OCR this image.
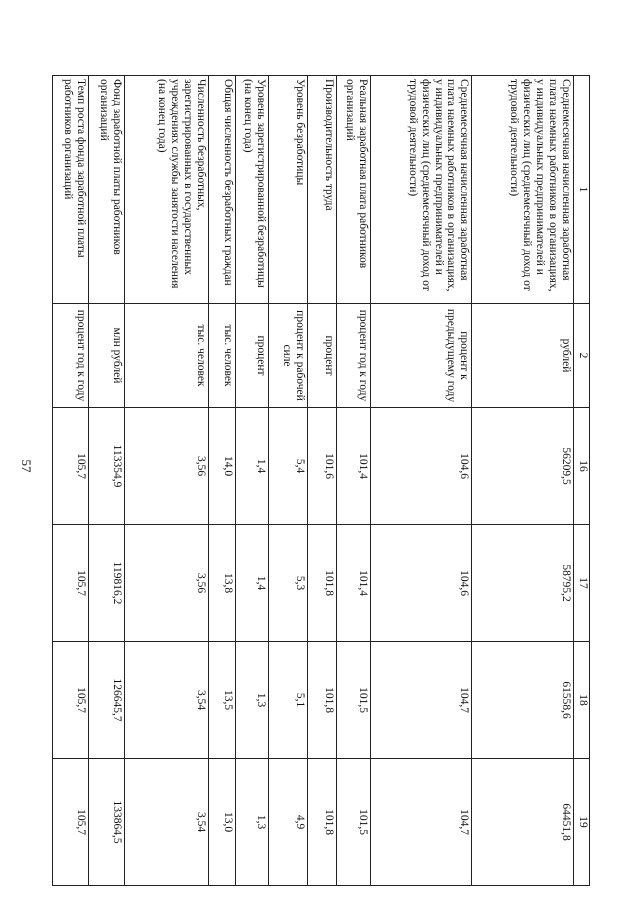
57
1	2	16	17	18	19
Среднемесячная начисленная заработная плата наемных работников в организациях, у индивидуальных предпринимателей и физических лиц (среднемесячный доход от трудовой деятельности)	рублей	56209,5	58795,2	61558,6	64451,8
Среднемесячная начисленная заработная плата наемных работников в организациях, у индивидуальных предпринимателей и физических лиц (среднемесячный доход от трудовой деятельности)	процент к предыдущему году	104,6	104,6	104,7	104,7
Реальная заработная плата работников организаций	процент год к году	101,4	101,4	101,5	101,5
Производительность труда	процент	101,6	101,8	101,8	101,8
Уровень безработицы	процент к рабочей силе	5,4	5,3	5,1	4,9
Уровень зарегистрированной безработицы (на конец года)	процент	1,4	1,4	1,3	1,3
Общая численность безработных граждан	тыс. человек	14,0	13,8	13,5	13,0
Численность безработных, зарегистрированных в государственных учреждениях службы занятости населения (на конец года)	тыс. человек	3,56	3,56	3,54	3,54
Фонд заработной платы работников организаций	млн рублей	113354,9	119816,2	126645,7	133864,5
Темп роста фонда заработной платы работников организаций	процент год к году	105,7	105,7	105,7	105,7
